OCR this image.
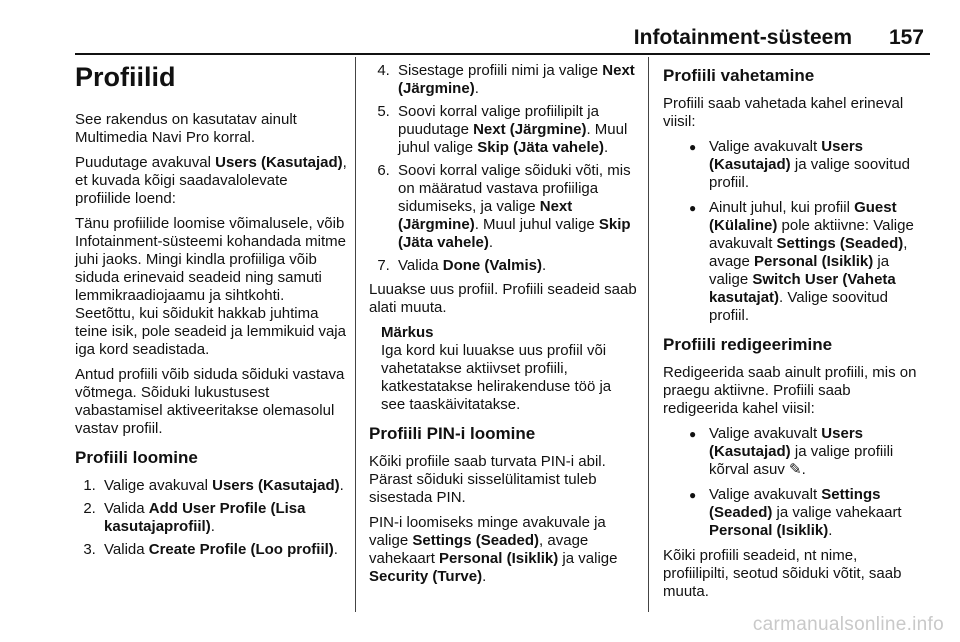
Infotainment-süsteem 157
Profiilid

See rakendus on kasutatav ainult Multimedia Navi Pro korral.

Puudutage avakuval Users (Kasutajad), et kuvada kõigi saadavalolevate profiilide loend:

Tänu profiilide loomise võimalusele, võib Infotainment-süsteemi kohandada mitme juhi jaoks. Mingi kindla profiiliga võib siduda erinevaid seadeid ning samuti lemmikraadiojaamu ja sihtkohti. Seetõttu, kui sõidukit hakkab juhtima teine isik, pole seadeid ja lemmikuid vaja iga kord seadistada.

Antud profiili võib siduda sõiduki vastava võtmega. Sõiduki lukustusest vabastamisel aktiveeritakse olemasolul vastav profiil.

Profiili loomine
1. Valige avakuval Users (Kasutajad).
2. Valida Add User Profile (Lisa kasutajaprofiil).
3. Valida Create Profile (Loo profiil).
4. Sisestage profiili nimi ja valige Next (Järgmine).
5. Soovi korral valige profiilipilt ja puudutage Next (Järgmine). Muul juhul valige Skip (Jäta vahele).
6. Soovi korral valige sõiduki võti, mis on määratud vastava profiiliga sidumiseks, ja valige Next (Järgmine). Muul juhul valige Skip (Jäta vahele).
7. Valida Done (Valmis).

Luuakse uus profiil. Profiili seadeid saab alati muuta.

Märkus
Iga kord kui luuakse uus profiil või vahetatakse aktiivset profiili, katkestatakse helirakenduse töö ja see taaskäivitatakse.
Profiili PIN-i loomine

Kõiki profiile saab turvata PIN-i abil. Pärast sõiduki sisselülitamist tuleb sisestada PIN.

PIN-i loomiseks minge avakuvale ja valige Settings (Seaded), avage vahekaart Personal (Isiklik) ja valige Security (Turve).

Profiili vahetamine

Profiili saab vahetada kahel erineval viisil:

● Valige avakuvalt Users (Kasutajad) ja valige soovitud profiil.
● Ainult juhul, kui profiil Guest (Külaline) pole aktiivne: Valige avakuvalt Settings (Seaded), avage Personal (Isiklik) ja valige Switch User (Vaheta kasutajat). Valige soovitud profiil.
Profiili redigeerimine

Redigeerida saab ainult profiili, mis on praegu aktiivne. Profiili saab redigeerida kahel viisil:

● Valige avakuvalt Users (Kasutajad) ja valige profiili kõrval asuv ✎.
● Valige avakuvalt Settings (Seaded) ja valige vahekaart Personal (Isiklik).

Kõiki profiili seadeid, nt nime, profiilipilti, seotud sõiduki võtit, saab muuta.

carmanualsonline.info
